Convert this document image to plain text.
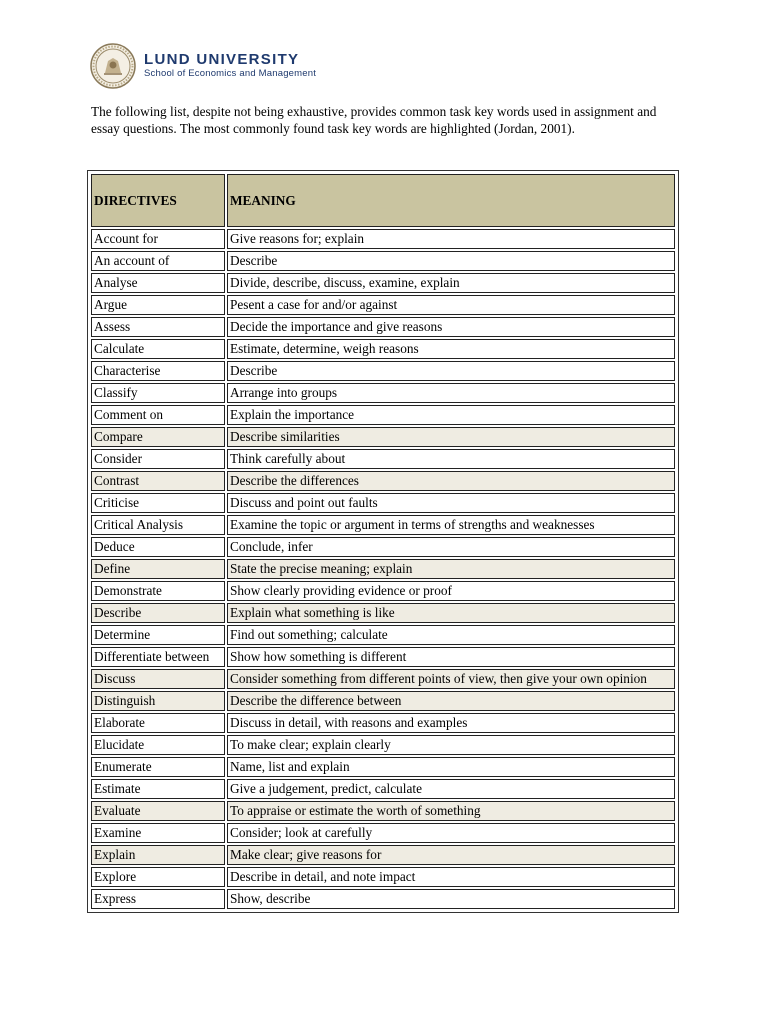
LUND UNIVERSITY
School of Economics and Management
The following list, despite not being exhaustive, provides common task key words used in assignment and essay questions. The most commonly found task key words are highlighted (Jordan, 2001).
DIRECTIVES	MEANING
Account for	Give reasons for; explain
An account of	Describe
Analyse	Divide, describe, discuss, examine, explain
Argue	Pesent a case for and/or against
Assess	Decide the importance and give reasons
Calculate	Estimate, determine, weigh reasons
Characterise	Describe
Classify	Arrange into groups
Comment on	Explain the importance
Compare	Describe similarities
Consider	Think carefully about
Contrast	Describe the differences
Criticise	Discuss and point out faults
Critical Analysis	Examine the topic or argument in terms of strengths and weaknesses
Deduce	Conclude, infer
Define	State the precise meaning; explain
Demonstrate	Show clearly providing evidence or proof
Describe	Explain what something is like
Determine	Find out something; calculate
Differentiate between	Show how something is different
Discuss	Consider something from different points of view, then give your own opinion
Distinguish	Describe the difference between
Elaborate	Discuss in detail, with reasons and examples
Elucidate	To make clear; explain clearly
Enumerate	Name, list and explain
Estimate	Give a judgement, predict, calculate
Evaluate	To appraise or estimate the worth of something
Examine	Consider; look at carefully
Explain	Make clear; give reasons for
Explore	Describe in detail, and note impact
Express	Show, describe
